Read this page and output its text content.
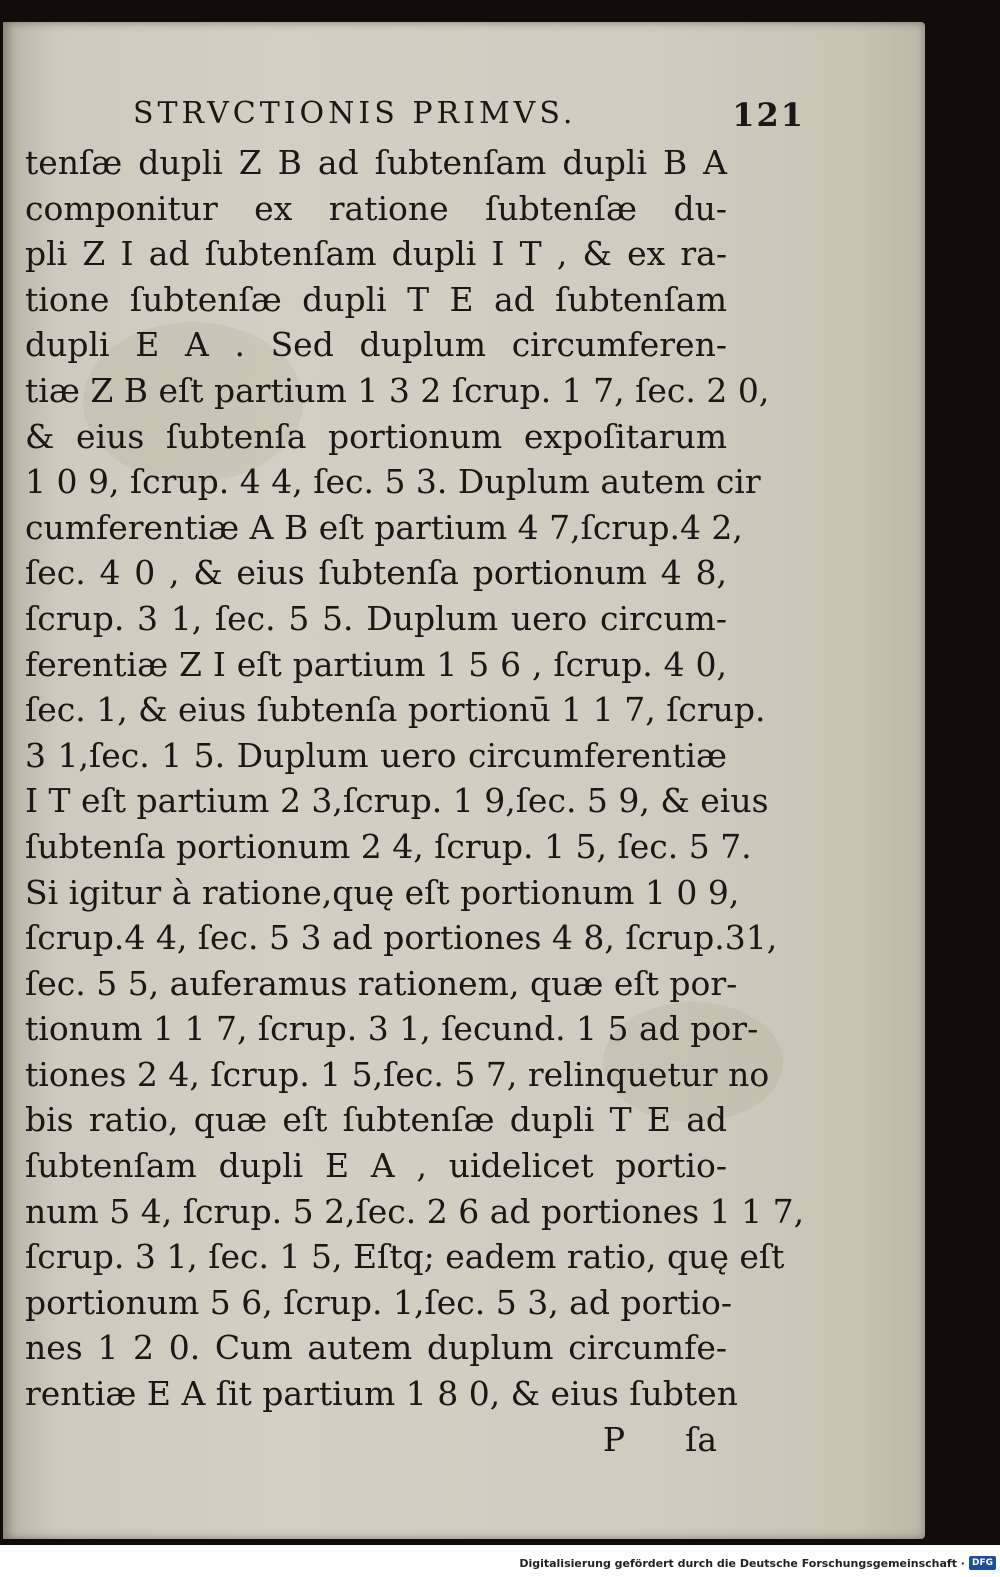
STRVCTIONIS PRIMVS.	121
tenſæ dupli Z B ad ſubtenſam dupli B A
componitur ex ratione ſubtenſæ du-
pli Z I ad ſubtenſam dupli I T , & ex ra-
tione ſubtenſæ dupli T E ad ſubtenſam
dupli E A . Sed duplum circumferen-
tiæ Z B eſt partium 1 3 2 ſcrup. 1 7, ſec. 2 0,
& eius ſubtenſa portionum expoſitarum
1 0 9, ſcrup. 4 4, ſec. 5 3. Duplum autem cir
cumferentiæ A B eſt partium 4 7,ſcrup.4 2,
ſec. 4 0 , & eius ſubtenſa portionum 4 8,
ſcrup. 3 1, ſec. 5 5. Duplum uero circum-
ferentiæ Z I eſt partium 1 5 6 , ſcrup. 4 0,
ſec. 1, & eius ſubtenſa portionū 1 1 7, ſcrup.
3 1,ſec. 1 5. Duplum uero circumferentiæ
I T eſt partium 2 3,ſcrup. 1 9,ſec. 5 9, & eius
ſubtenſa portionum 2 4, ſcrup. 1 5, ſec. 5 7.
Si igitur à ratione,quę eſt portionum 1 0 9,
ſcrup.4 4, ſec. 5 3 ad portiones 4 8, ſcrup.31,
ſec. 5 5, auferamus rationem, quæ eſt por-
tionum 1 1 7, ſcrup. 3 1, ſecund. 1 5 ad por-
tiones 2 4, ſcrup. 1 5,ſec. 5 7, relinquetur no
bis ratio, quæ eſt ſubtenſæ dupli T E ad
ſubtenſam dupli E A , uidelicet portio-
num 5 4, ſcrup. 5 2,ſec. 2 6 ad portiones 1 1 7,
ſcrup. 3 1, ſec. 1 5, Eſtq; eadem ratio, quę eſt
portionum 5 6, ſcrup. 1,ſec. 5 3, ad portio-
nes 1 2 0. Cum autem duplum circumfe-
rentiæ E A ſit partium 1 8 0, & eius ſubten
P ſa
Digitalisierung gefördert durch die Deutsche Forschungsgemeinschaft · DFG
